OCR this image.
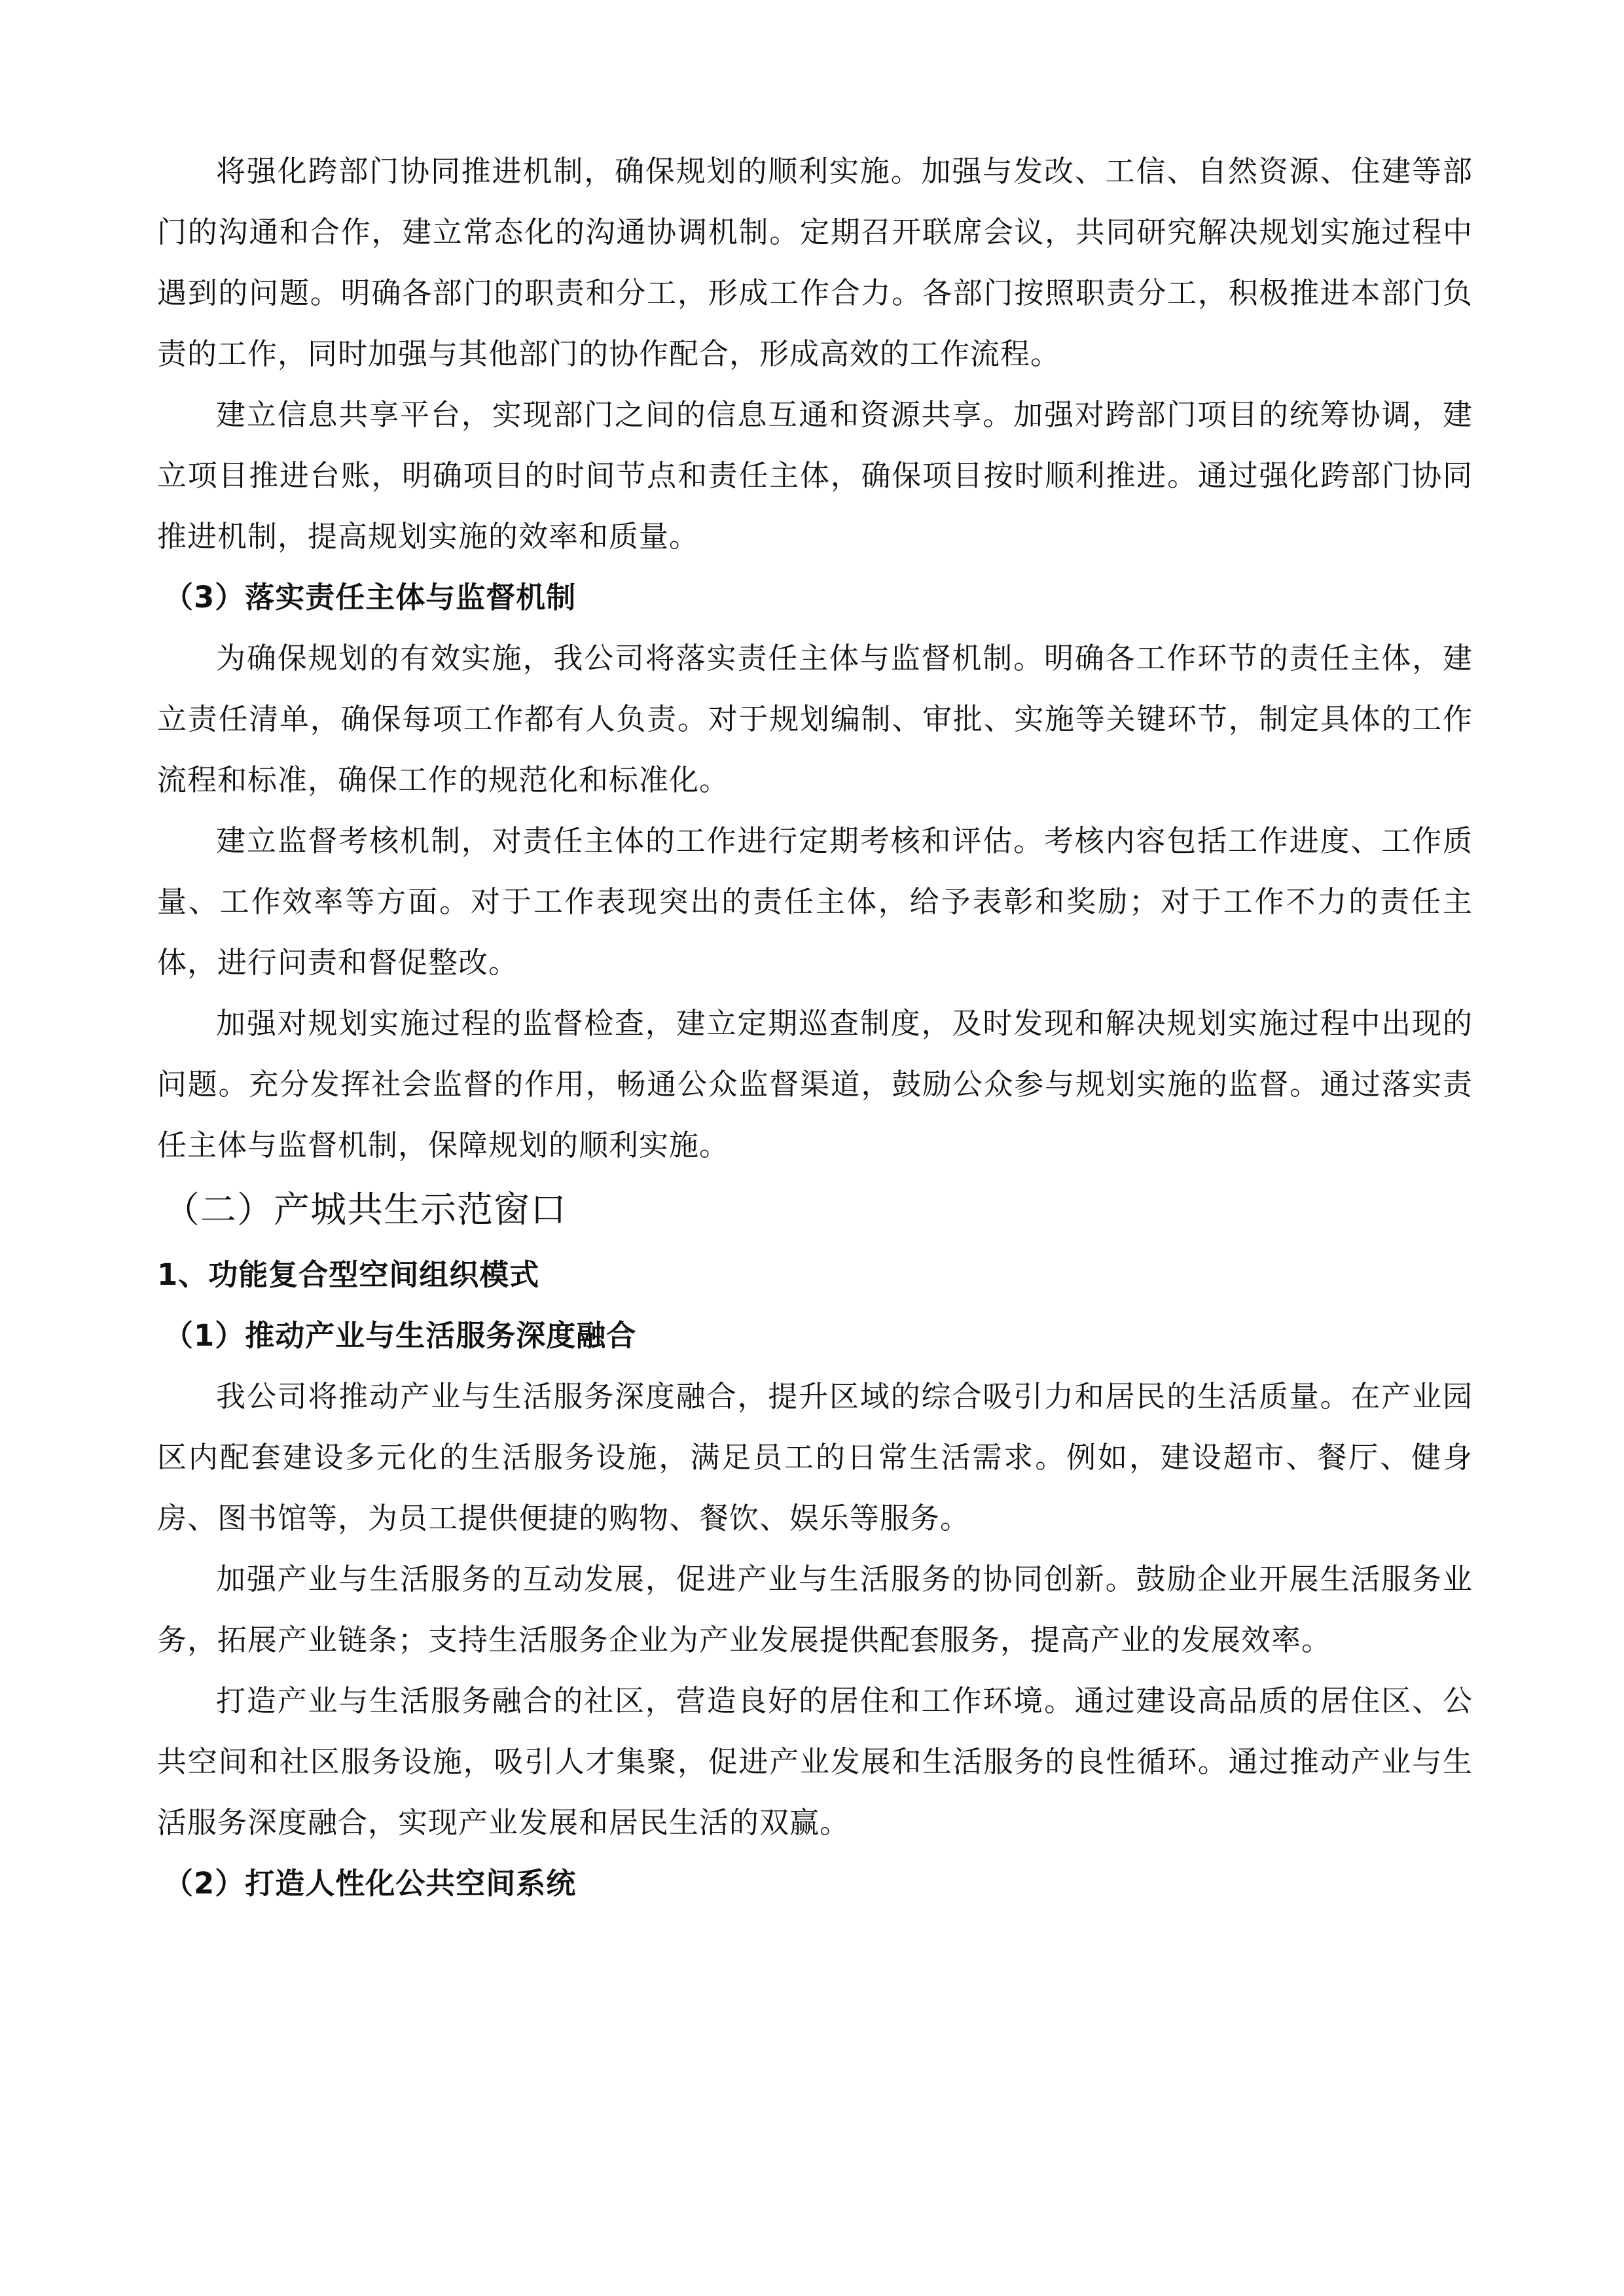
将强化跨部门协同推进机制，确保规划的顺利实施。加强与发改、工信、自然资源、住建等部门的沟通和合作，建立常态化的沟通协调机制。定期召开联席会议，共同研究解决规划实施过程中遇到的问题。明确各部门的职责和分工，形成工作合力。各部门按照职责分工，积极推进本部门负责的工作，同时加强与其他部门的协作配合，形成高效的工作流程。

建立信息共享平台，实现部门之间的信息互通和资源共享。加强对跨部门项目的统筹协调，建立项目推进台账，明确项目的时间节点和责任主体，确保项目按时顺利推进。通过强化跨部门协同推进机制，提高规划实施的效率和质量。

（3）落实责任主体与监督机制

为确保规划的有效实施，我公司将落实责任主体与监督机制。明确各工作环节的责任主体，建立责任清单，确保每项工作都有人负责。对于规划编制、审批、实施等关键环节，制定具体的工作流程和标准，确保工作的规范化和标准化。

建立监督考核机制，对责任主体的工作进行定期考核和评估。考核内容包括工作进度、工作质量、工作效率等方面。对于工作表现突出的责任主体，给予表彰和奖励；对于工作不力的责任主体，进行问责和督促整改。

加强对规划实施过程的监督检查，建立定期巡查制度，及时发现和解决规划实施过程中出现的问题。充分发挥社会监督的作用，畅通公众监督渠道，鼓励公众参与规划实施的监督。通过落实责任主体与监督机制，保障规划的顺利实施。

（二）产城共生示范窗口
1、功能复合型空间组织模式
（1）推动产业与生活服务深度融合

我公司将推动产业与生活服务深度融合，提升区域的综合吸引力和居民的生活质量。在产业园区内配套建设多元化的生活服务设施，满足员工的日常生活需求。例如，建设超市、餐厅、健身房、图书馆等，为员工提供便捷的购物、餐饮、娱乐等服务。

加强产业与生活服务的互动发展，促进产业与生活服务的协同创新。鼓励企业开展生活服务业务，拓展产业链条；支持生活服务企业为产业发展提供配套服务，提高产业的发展效率。

打造产业与生活服务融合的社区，营造良好的居住和工作环境。通过建设高品质的居住区、公共空间和社区服务设施，吸引人才集聚，促进产业发展和生活服务的良性循环。通过推动产业与生活服务深度融合，实现产业发展和居民生活的双赢。

（2）打造人性化公共空间系统
